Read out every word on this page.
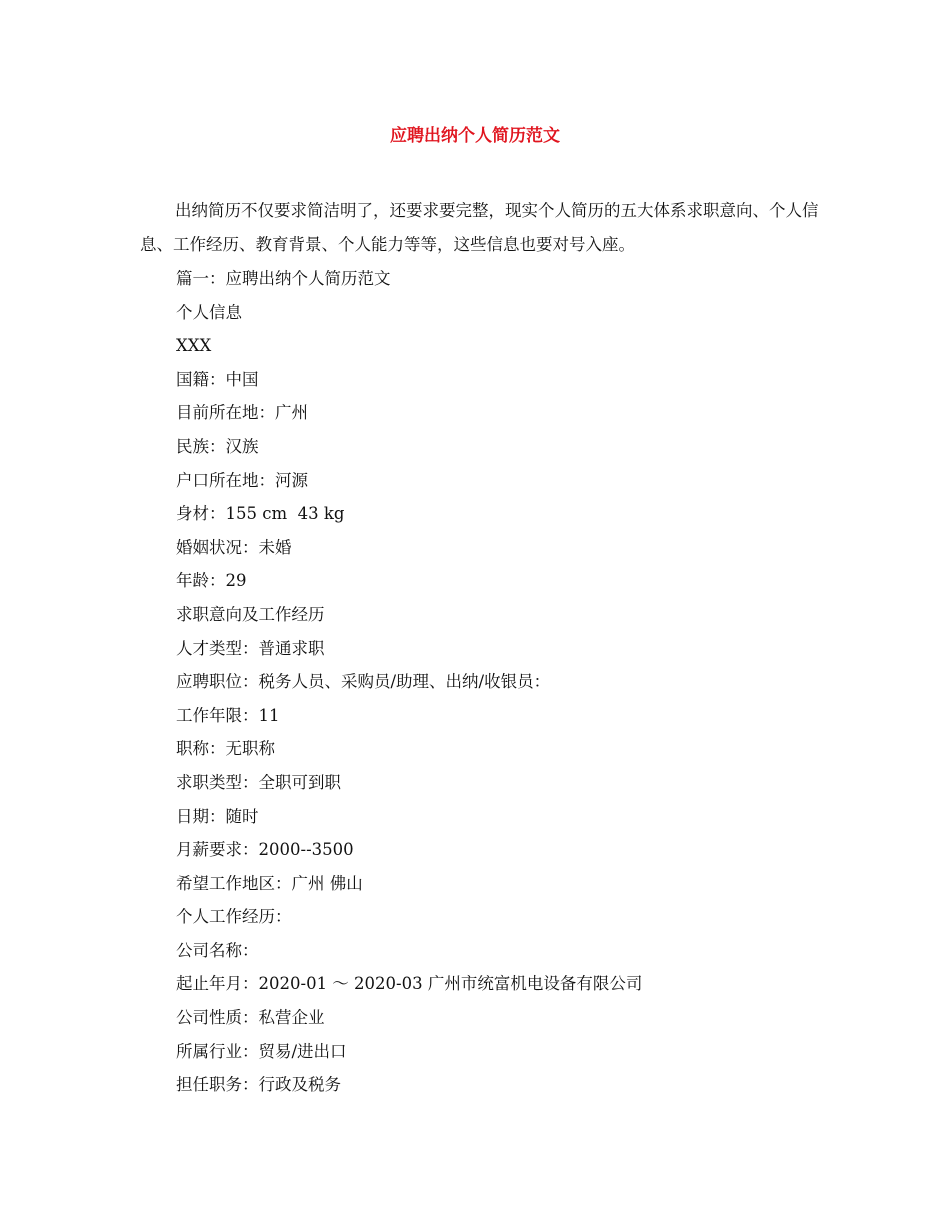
应聘出纳个人简历范文

出纳简历不仅要求简洁明了，还要求要完整，现实个人简历的五大体系求职意向、个人信息、工作经历、教育背景、个人能力等等，这些信息也要对号入座。

篇一：应聘出纳个人简历范文
个人信息
XXX
国籍：中国
目前所在地：广州
民族：汉族
户口所在地：河源
身材：155 cm  43 kg
婚姻状况：未婚
年龄：29
求职意向及工作经历
人才类型：普通求职
应聘职位：税务人员、采购员/助理、出纳/收银员：
工作年限：11
职称：无职称
求职类型：全职可到职
日期：随时
月薪要求：2000--3500
希望工作地区：广州 佛山
个人工作经历：
公司名称：
起止年月：2020-01 ～ 2020-03 广州市统富机电设备有限公司
公司性质：私营企业
所属行业：贸易/进出口
担任职务：行政及税务
